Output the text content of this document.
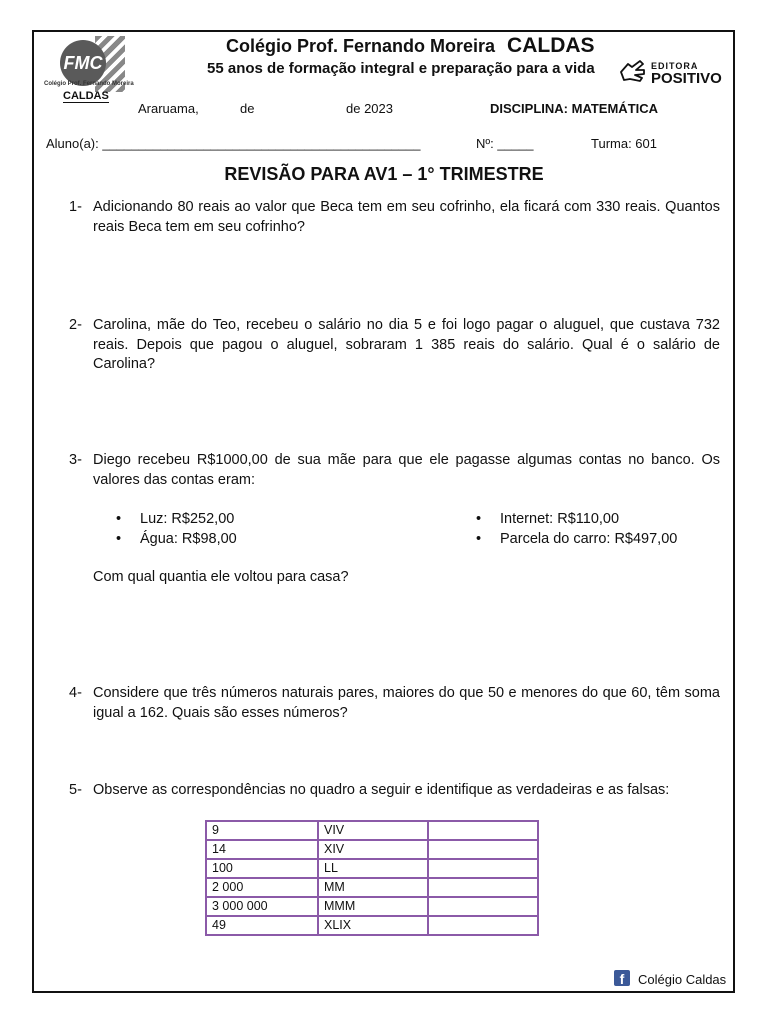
FMC
Colégio Prof. Fernando Moreira
CALDAS
Colégio Prof. Fernando Moreira CALDAS
55 anos de formação integral e preparação para a vida	EDITORA
POSITIVO
Araruama,	de	de 2023	DISCIPLINA: MATEMÁTICA
Aluno(a): ____________________________________________	Nº: _____	Turma: 601
REVISÃO PARA AV1 – 1° TRIMESTRE
1- Adicionando 80 reais ao valor que Beca tem em seu cofrinho, ela ficará com 330 reais. Quantos reais Beca tem em seu cofrinho?
2- Carolina, mãe do Teo, recebeu o salário no dia 5 e foi logo pagar o aluguel, que custava 732 reais. Depois que pagou o aluguel, sobraram 1 385 reais do salário. Qual é o salário de Carolina?
3- Diego recebeu R$1000,00 de sua mãe para que ele pagasse algumas contas no banco. Os valores das contas eram:
• Luz: R$252,00
• Água: R$98,00
• Internet: R$110,00
• Parcela do carro: R$497,00
Com qual quantia ele voltou para casa?
4- Considere que três números naturais pares, maiores do que 50 e menores do que 60, têm soma igual a 162. Quais são esses números?
5- Observe as correspondências no quadro a seguir e identifique as verdadeiras e as falsas:
9	VIV	
14	XIV	
100	LL	
2 000	MM	
3 000 000	MMM	
49	XLIX	
f	Colégio Caldas
